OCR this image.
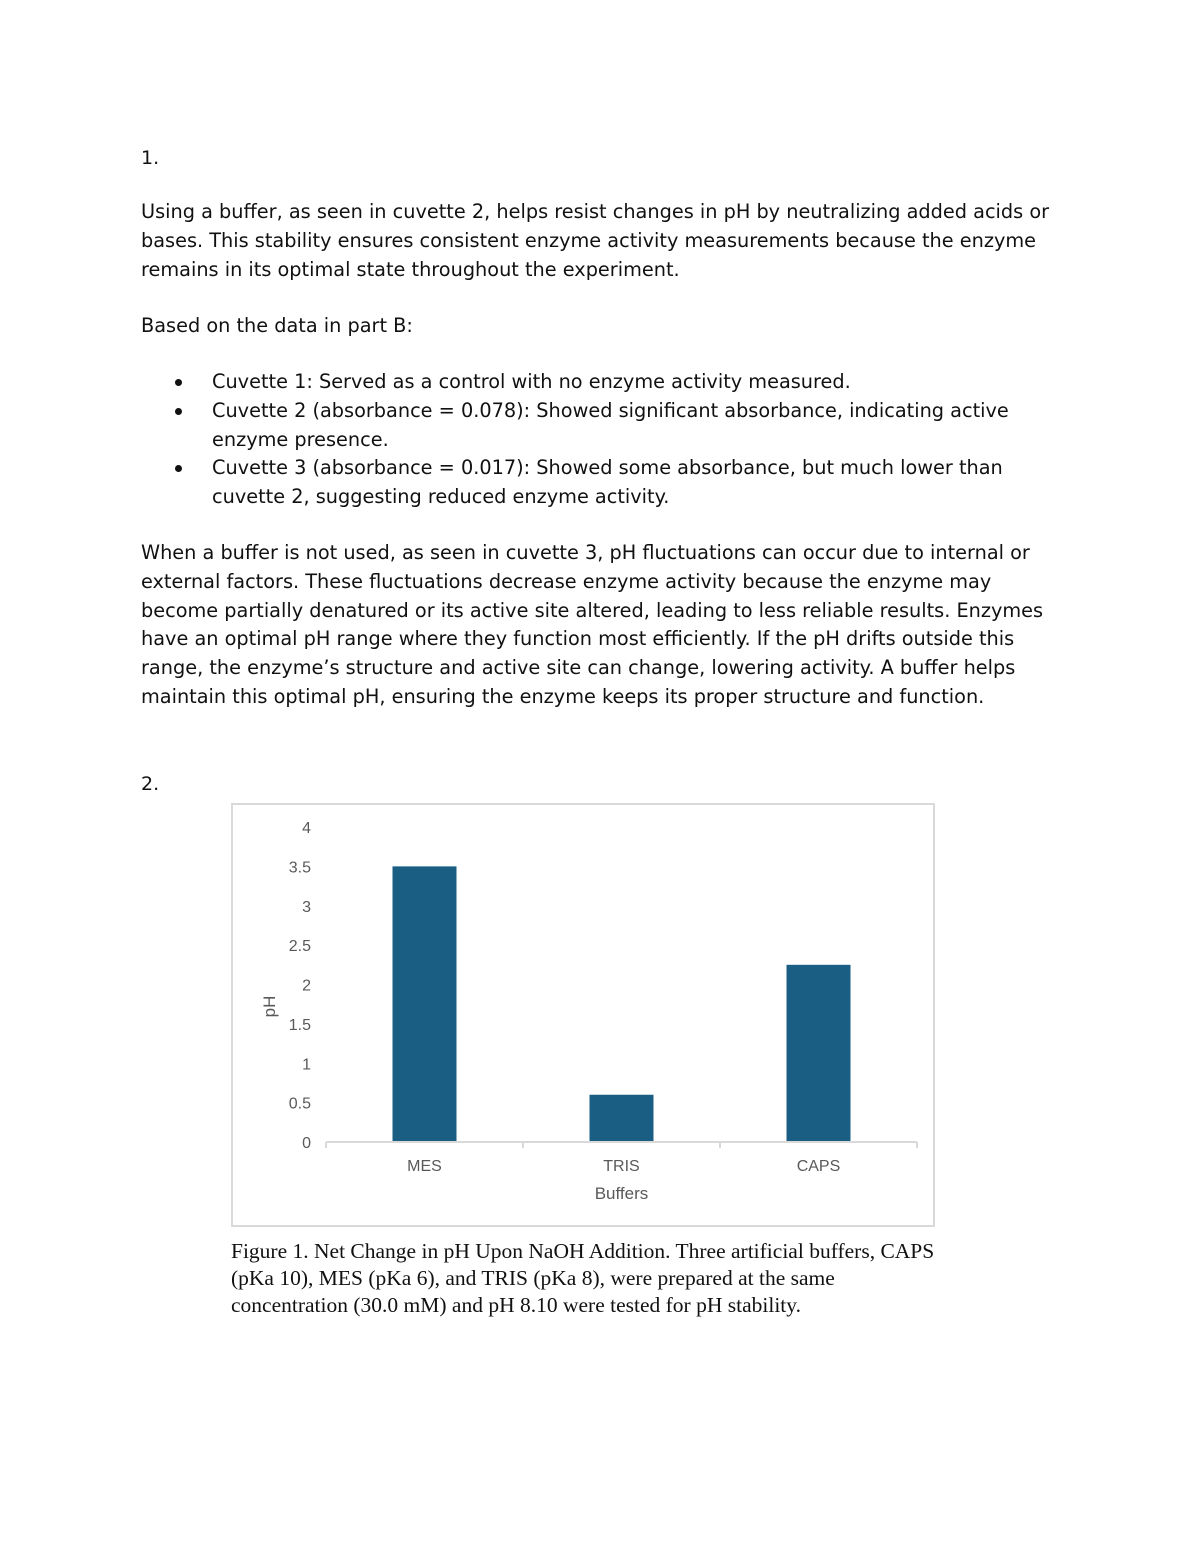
1.

Using a buffer, as seen in cuvette 2, helps resist changes in pH by neutralizing added acids or bases. This stability ensures consistent enzyme activity measurements because the enzyme remains in its optimal state throughout the experiment.

Based on the data in part B:

Cuvette 1: Served as a control with no enzyme activity measured.
Cuvette 2 (absorbance = 0.078): Showed significant absorbance, indicating active enzyme presence.
Cuvette 3 (absorbance = 0.017): Showed some absorbance, but much lower than cuvette 2, suggesting reduced enzyme activity.

When a buffer is not used, as seen in cuvette 3, pH fluctuations can occur due to internal or external factors. These fluctuations decrease enzyme activity because the enzyme may become partially denatured or its active site altered, leading to less reliable results. Enzymes have an optimal pH range where they function most efficiently. If the pH drifts outside this range, the enzyme’s structure and active site can change, lowering activity. A buffer helps maintain this optimal pH, ensuring the enzyme keeps its proper structure and function.

2.

0
0.5
1
1.5
2
2.5
3
3.5
4
MES	TRIS	CAPS
Buffers
pH

Figure 1. Net Change in pH Upon NaOH Addition. Three artificial buffers, CAPS (pKa 10), MES (pKa 6), and TRIS (pKa 8), were prepared at the same concentration (30.0 mM) and pH 8.10 were tested for pH stability.
